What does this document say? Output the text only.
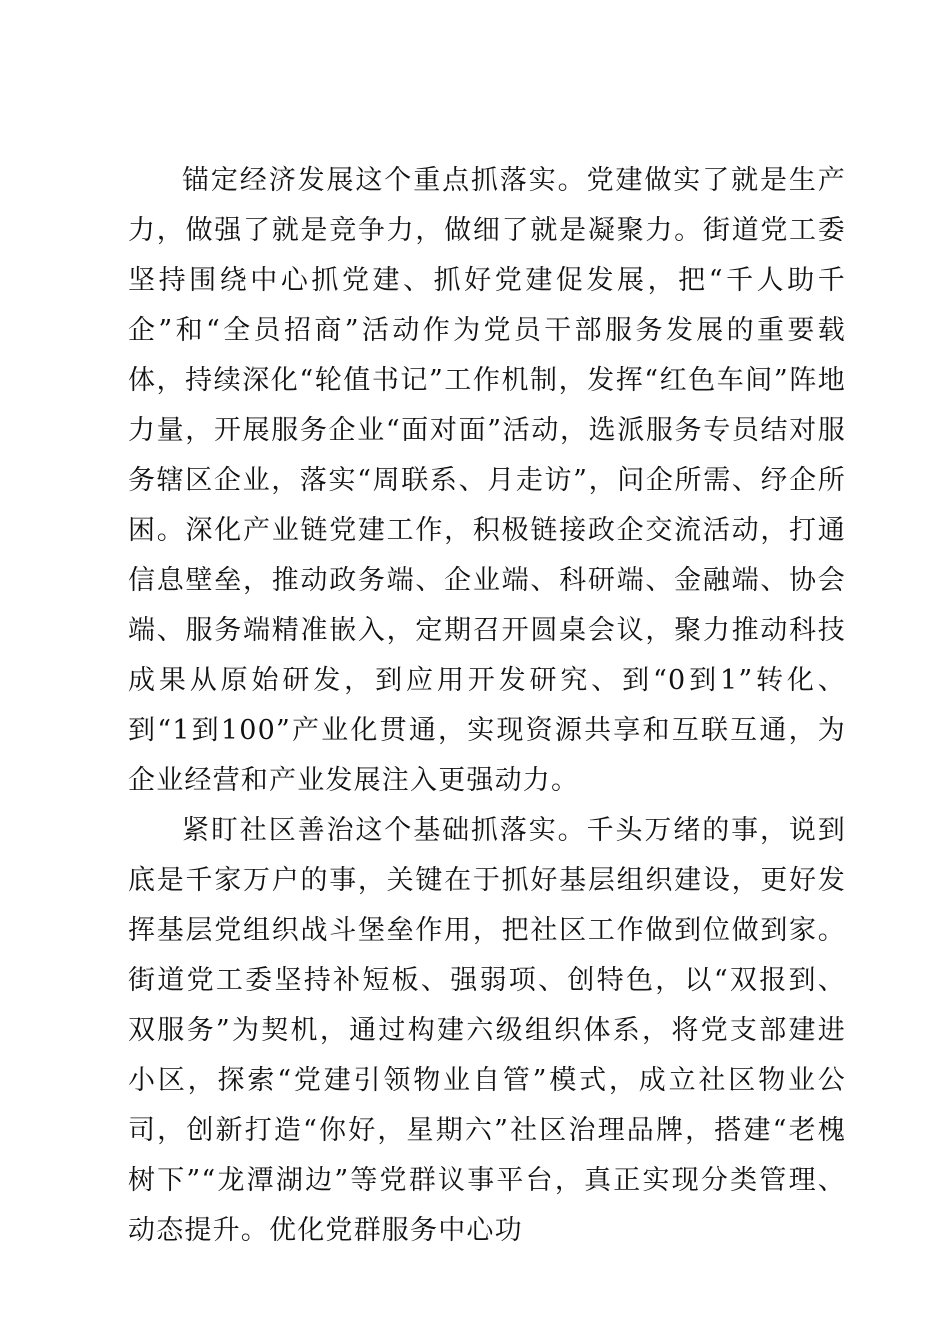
锚定经济发展这个重点抓落实。党建做实了就是生产力，做强了就是竞争力，做细了就是凝聚力。街道党工委坚持围绕中心抓党建、抓好党建促发展，把“千人助千企”和“全员招商”活动作为党员干部服务发展的重要载体，持续深化“轮值书记”工作机制，发挥“红色车间”阵地力量，开展服务企业“面对面”活动，选派服务专员结对服务辖区企业，落实“周联系、月走访”，问企所需、纾企所困。深化产业链党建工作，积极链接政企交流活动，打通信息壁垒，推动政务端、企业端、科研端、金融端、协会端、服务端精准嵌入，定期召开圆桌会议，聚力推动科技成果从原始研发，到应用开发研究、到“0到1”转化、到“1到100”产业化贯通，实现资源共享和互联互通，为企业经营和产业发展注入更强动力。

紧盯社区善治这个基础抓落实。千头万绪的事，说到底是千家万户的事，关键在于抓好基层组织建设，更好发挥基层党组织战斗堡垒作用，把社区工作做到位做到家。街道党工委坚持补短板、强弱项、创特色，以“双报到、双服务”为契机，通过构建六级组织体系，将党支部建进小区，探索“党建引领物业自管”模式，成立社区物业公司，创新打造“你好，星期六”社区治理品牌，搭建“老槐树下”“龙潭湖边”等党群议事平台，真正实现分类管理、动态提升。优化党群服务中心功
